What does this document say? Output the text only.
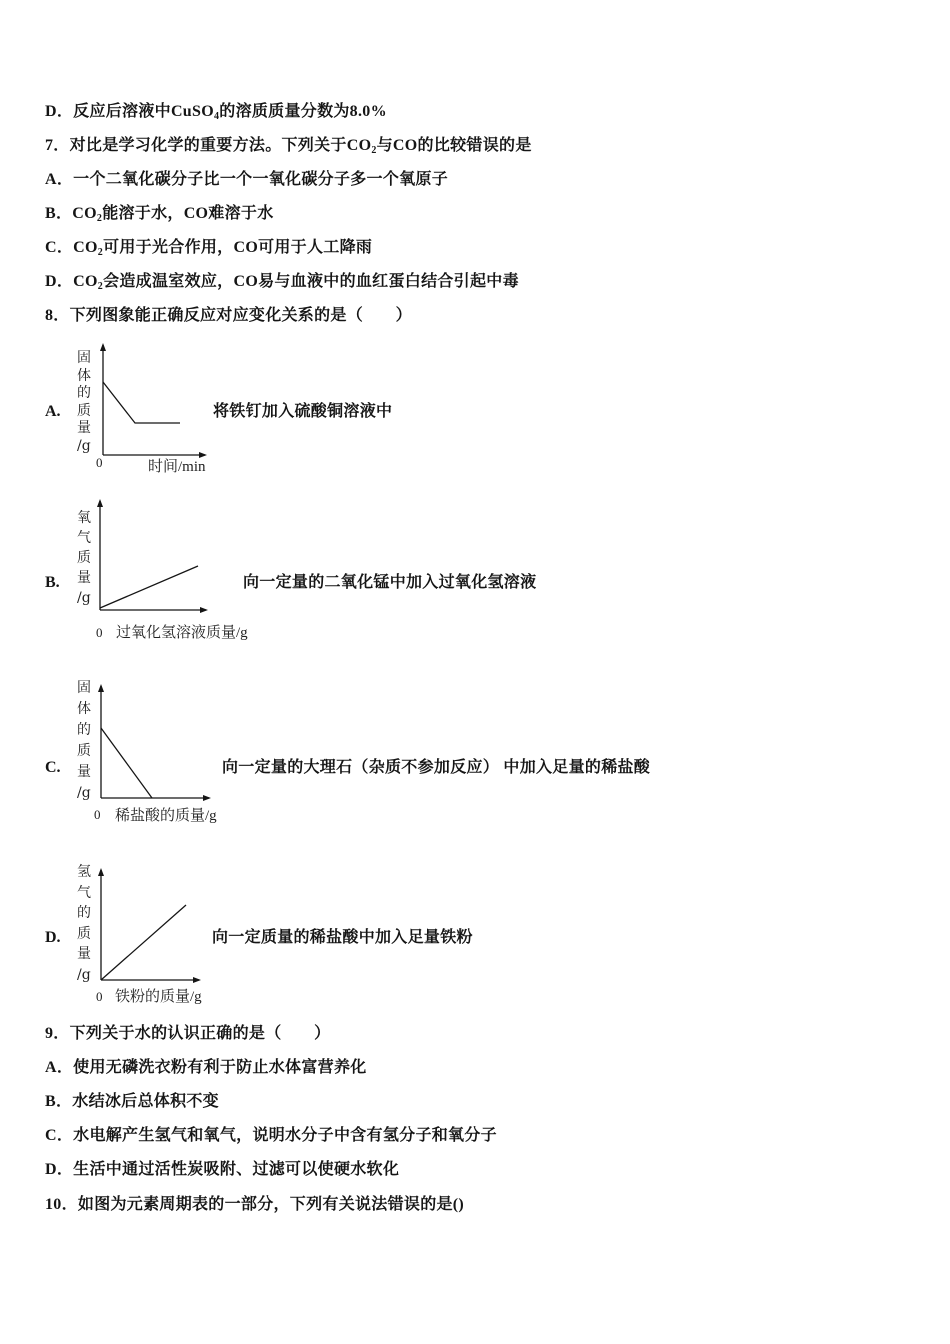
D．反应后溶液中CuSO$_4$的溶质质量分数为8.0%
7．对比是学习化学的重要方法。下列关于$CO_2$与CO的比较错误的是
A．一个二氧化碳分子比一个一氧化碳分子多一个氧原子
B．$CO_2$能溶于水，CO难溶于水
C．$CO_2$可用于光合作用，CO可用于人工降雨
D．$CO_2$会造成温室效应，CO易与血液中的血红蛋白结合引起中毒
8．下列图象能正确反应对应变化关系的是（　　）
A.
固
体
的
质
量
/g
0	时间/min
将铁钉加入硫酸铜溶液中
B.
氧
气
质
量
/g
0 过氧化氢溶液质量/g
向一定量的二氧化锰中加入过氧化氢溶液
C.
固
体
的
质
量
/g
0 稀盐酸的质量/g
向一定量的大理石（杂质不参加反应） 中加入足量的稀盐酸
D.
氢
气
的
质
量
/g
0 铁粉的质量/g
向一定质量的稀盐酸中加入足量铁粉
9．下列关于水的认识正确的是（　　）
A．使用无磷洗衣粉有利于防止水体富营养化
B．水结冰后总体积不变
C．水电解产生氢气和氧气，说明水分子中含有氢分子和氧分子
D．生活中通过活性炭吸附、过滤可以使硬水软化
10．如图为元素周期表的一部分，下列有关说法错误的是()
